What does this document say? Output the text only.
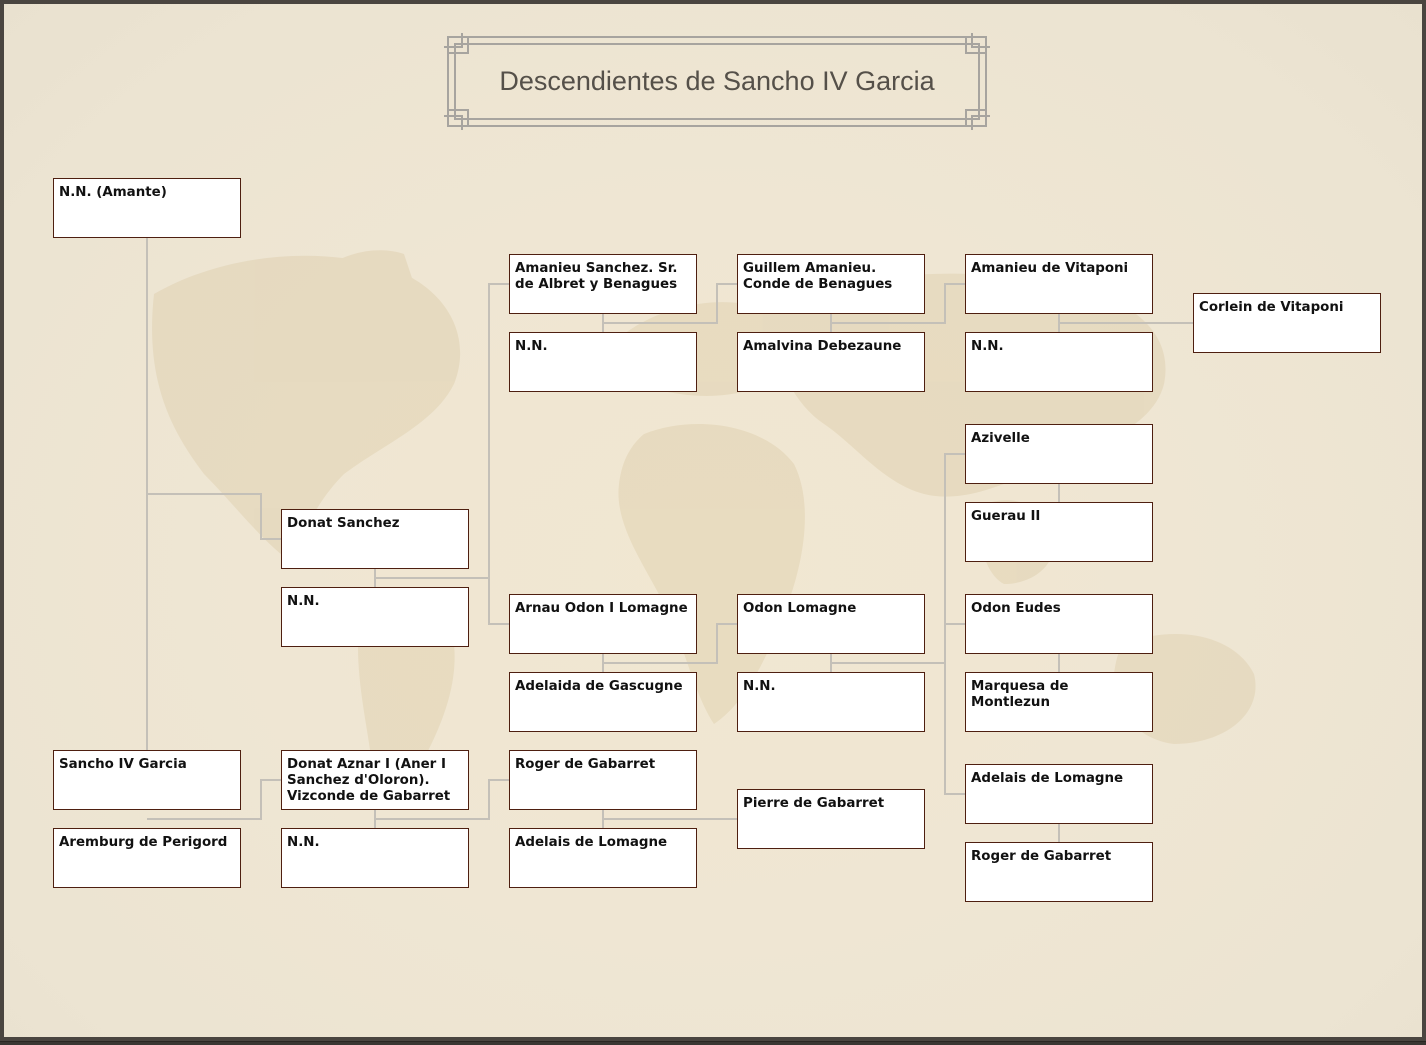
Descendientes de Sancho IV Garcia
N.N. (Amante)
Sancho IV Garcia
Aremburg de Perigord
Donat Sanchez
N.N.
Donat Aznar I (Aner I Sanchez d'Oloron). Vizconde de Gabarret
N.N.
Amanieu Sanchez. Sr. de Albret y Benagues
N.N.
Arnau Odon I Lomagne
Adelaida de Gascugne
Roger de Gabarret
Adelais de Lomagne
Guillem Amanieu. Conde de Benagues
Amalvina Debezaune
Odon Lomagne
N.N.
Pierre de Gabarret
Amanieu de Vitaponi
N.N.
Azivelle
Guerau II
Odon Eudes
Marquesa de Montlezun
Adelais de Lomagne
Roger de Gabarret
Corlein de Vitaponi
